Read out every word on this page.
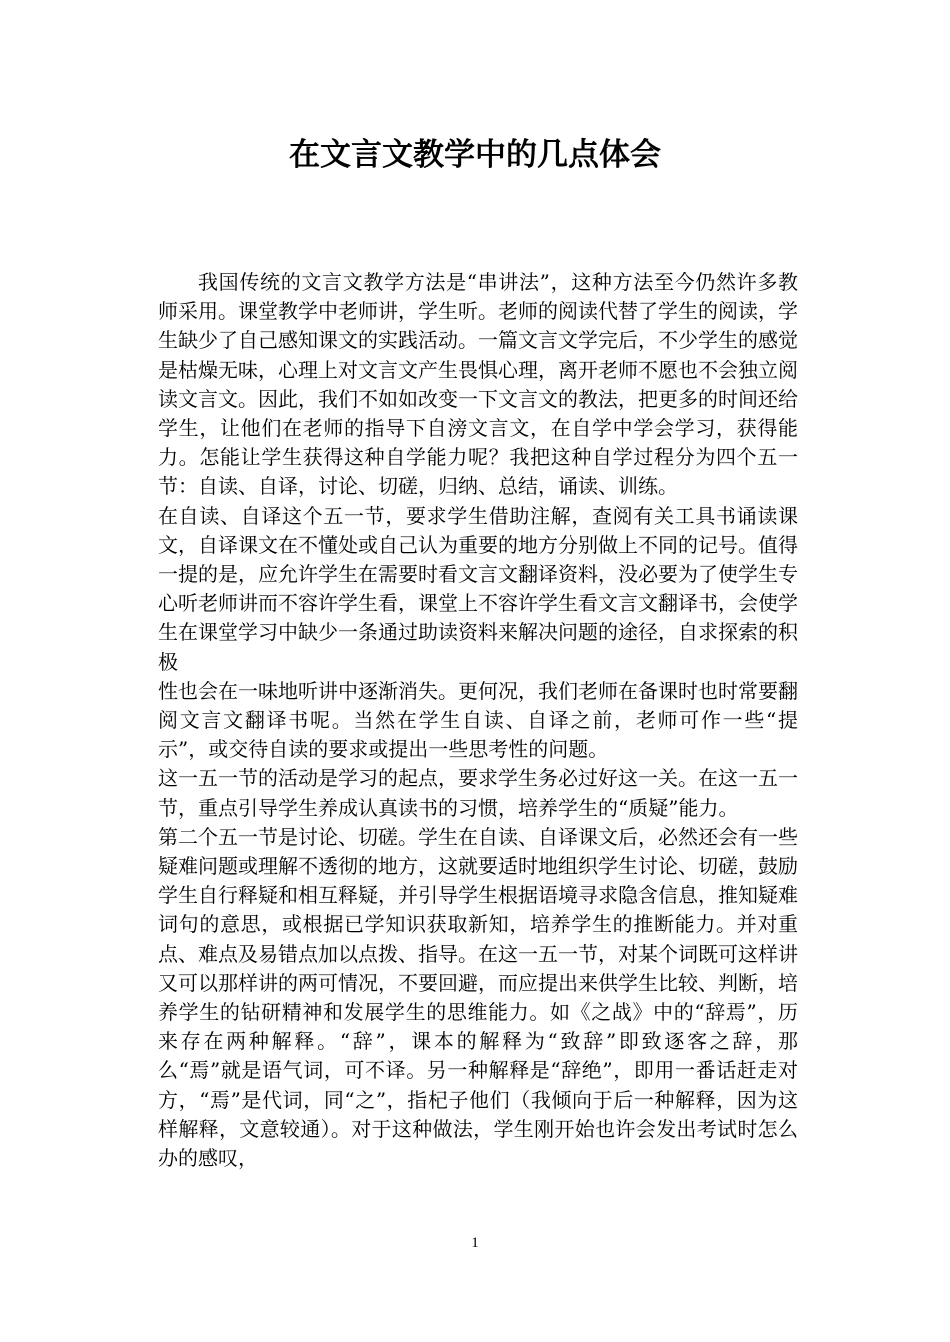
在文言文教学中的几点体会

我国传统的文言文教学方法是“串讲法”，这种方法至今仍然许多教师采用。课堂教学中老师讲，学生听。老师的阅读代替了学生的阅读，学生缺少了自己感知课文的实践活动。一篇文言文学完后，不少学生的感觉是枯燥无味，心理上对文言文产生畏惧心理，离开老师不愿也不会独立阅读文言文。因此，我们不如如改变一下文言文的教法，把更多的时间还给学生，让他们在老师的指导下自滂文言文，在自学中学会学习，获得能力。怎能让学生获得这种自学能力呢？我把这种自学过程分为四个五一节：自读、自译，讨论、切磋，归纳、总结，诵读、训练。

在自读、自译这个五一节，要求学生借助注解，查阅有关工具书诵读课文，自译课文在不懂处或自己认为重要的地方分别做上不同的记号。值得一提的是，应允许学生在需要时看文言文翻译资料，没必要为了使学生专心听老师讲而不容许学生看，课堂上不容许学生看文言文翻译书，会使学生在课堂学习中缺少一条通过助读资料来解决问题的途径，自求探索的积极

性也会在一味地听讲中逐渐消失。更何况，我们老师在备课时也时常要翻阅文言文翻译书呢。当然在学生自读、自译之前，老师可作一些“提示”，或交待自读的要求或提出一些思考性的问题。

这一五一节的活动是学习的起点，要求学生务必过好这一关。在这一五一节，重点引导学生养成认真读书的习惯，培养学生的“质疑”能力。

第二个五一节是讨论、切磋。学生在自读、自译课文后，必然还会有一些疑难问题或理解不透彻的地方，这就要适时地组织学生讨论、切磋，鼓励学生自行释疑和相互释疑，并引导学生根据语境寻求隐含信息，推知疑难词句的意思，或根据已学知识获取新知，培养学生的推断能力。并对重点、难点及易错点加以点拨、指导。在这一五一节，对某个词既可这样讲又可以那样讲的两可情况，不要回避，而应提出来供学生比较、判断，培养学生的钻研精神和发展学生的思维能力。如《之战》中的“辞焉”，历来存在两种解释。“辞”，课本的解释为“致辞”即致逐客之辞，那么“焉”就是语气词，可不译。另一种解释是“辞绝”，即用一番话赶走对方，“焉”是代词，同“之”，指杞子他们（我倾向于后一种解释，因为这样解释，文意较通）。对于这种做法，学生刚开始也许会发出考试时怎么办的感叹，

1
